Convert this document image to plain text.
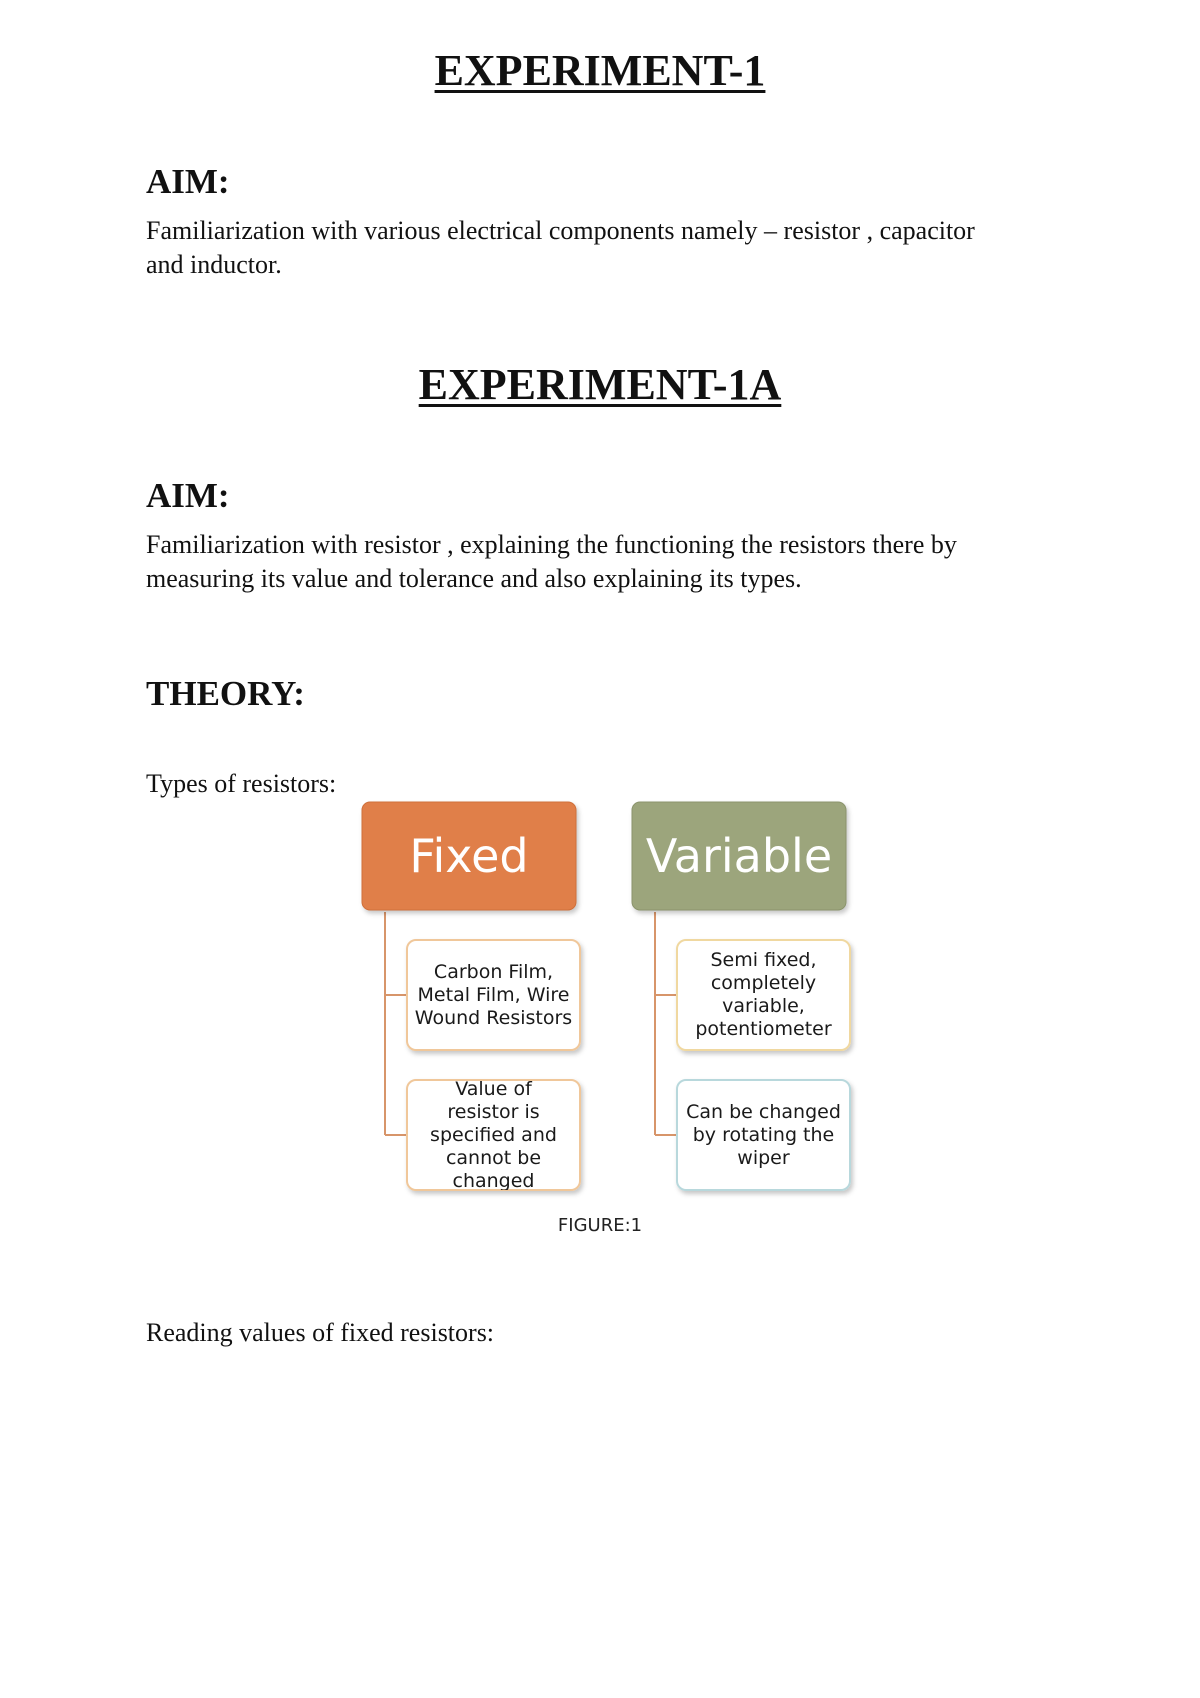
EXPERIMENT-1
AIM:
Familiarization with various electrical components namely – resistor , capacitor
and inductor.
EXPERIMENT-1A
AIM:
Familiarization with resistor , explaining the functioning the resistors there by
measuring its value and tolerance and also explaining its types.
THEORY:
Types of resistors:
Fixed	Variable
Carbon Film, Metal Film, Wire Wound Resistors
Value of resistor is specified and cannot be changed
Semi fixed, completely variable, potentiometer
Can be changed by rotating the wiper
FIGURE:1
Reading values of fixed resistors:
